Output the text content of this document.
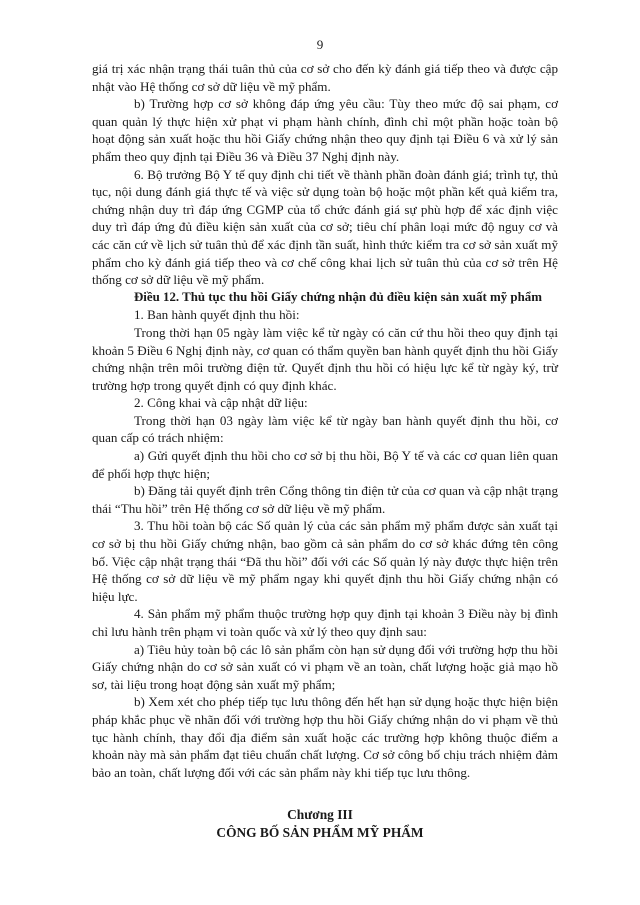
9

giá trị xác nhận trạng thái tuân thủ của cơ sở cho đến kỳ đánh giá tiếp theo và được cập nhật vào Hệ thống cơ sở dữ liệu về mỹ phẩm.

b) Trường hợp cơ sở không đáp ứng yêu cầu: Tùy theo mức độ sai phạm, cơ quan quản lý thực hiện xử phạt vi phạm hành chính, đình chỉ một phần hoặc toàn bộ hoạt động sản xuất hoặc thu hồi Giấy chứng nhận theo quy định tại Điều 6 và xử lý sản phẩm theo quy định tại Điều 36 và Điều 37 Nghị định này.

6. Bộ trưởng Bộ Y tế quy định chi tiết về thành phần đoàn đánh giá; trình tự, thủ tục, nội dung đánh giá thực tế và việc sử dụng toàn bộ hoặc một phần kết quả kiểm tra, chứng nhận duy trì đáp ứng CGMP của tổ chức đánh giá sự phù hợp để xác định việc duy trì đáp ứng đủ điều kiện sản xuất của cơ sở; tiêu chí phân loại mức độ nguy cơ và các căn cứ về lịch sử tuân thủ để xác định tần suất, hình thức kiểm tra cơ sở sản xuất mỹ phẩm cho kỳ đánh giá tiếp theo và cơ chế công khai lịch sử tuân thủ của cơ sở trên Hệ thống cơ sở dữ liệu về mỹ phẩm.

Điều 12. Thủ tục thu hồi Giấy chứng nhận đủ điều kiện sản xuất mỹ phẩm

1. Ban hành quyết định thu hồi:

Trong thời hạn 05 ngày làm việc kể từ ngày có căn cứ thu hồi theo quy định tại khoản 5 Điều 6 Nghị định này, cơ quan có thẩm quyền ban hành quyết định thu hồi Giấy chứng nhận trên môi trường điện tử. Quyết định thu hồi có hiệu lực kể từ ngày ký, trừ trường hợp trong quyết định có quy định khác.

2. Công khai và cập nhật dữ liệu:

Trong thời hạn 03 ngày làm việc kể từ ngày ban hành quyết định thu hồi, cơ quan cấp có trách nhiệm:

a) Gửi quyết định thu hồi cho cơ sở bị thu hồi, Bộ Y tế và các cơ quan liên quan để phối hợp thực hiện;

b) Đăng tải quyết định trên Cổng thông tin điện tử của cơ quan và cập nhật trạng thái “Thu hồi” trên Hệ thống cơ sở dữ liệu về mỹ phẩm.

3. Thu hồi toàn bộ các Số quản lý của các sản phẩm mỹ phẩm được sản xuất tại cơ sở bị thu hồi Giấy chứng nhận, bao gồm cả sản phẩm do cơ sở khác đứng tên công bố. Việc cập nhật trạng thái “Đã thu hồi” đối với các Số quản lý này được thực hiện trên Hệ thống cơ sở dữ liệu về mỹ phẩm ngay khi quyết định thu hồi Giấy chứng nhận có hiệu lực.

4. Sản phẩm mỹ phẩm thuộc trường hợp quy định tại khoản 3 Điều này bị đình chỉ lưu hành trên phạm vi toàn quốc và xử lý theo quy định sau:

a) Tiêu hủy toàn bộ các lô sản phẩm còn hạn sử dụng đối với trường hợp thu hồi Giấy chứng nhận do cơ sở sản xuất có vi phạm về an toàn, chất lượng hoặc giả mạo hồ sơ, tài liệu trong hoạt động sản xuất mỹ phẩm;

b) Xem xét cho phép tiếp tục lưu thông đến hết hạn sử dụng hoặc thực hiện biện pháp khắc phục về nhãn đối với trường hợp thu hồi Giấy chứng nhận do vi phạm về thủ tục hành chính, thay đổi địa điểm sản xuất hoặc các trường hợp không thuộc điểm a khoản này mà sản phẩm đạt tiêu chuẩn chất lượng. Cơ sở công bố chịu trách nhiệm đảm bảo an toàn, chất lượng đối với các sản phẩm này khi tiếp tục lưu thông.

Chương III
CÔNG BỐ SẢN PHẨM MỸ PHẨM
